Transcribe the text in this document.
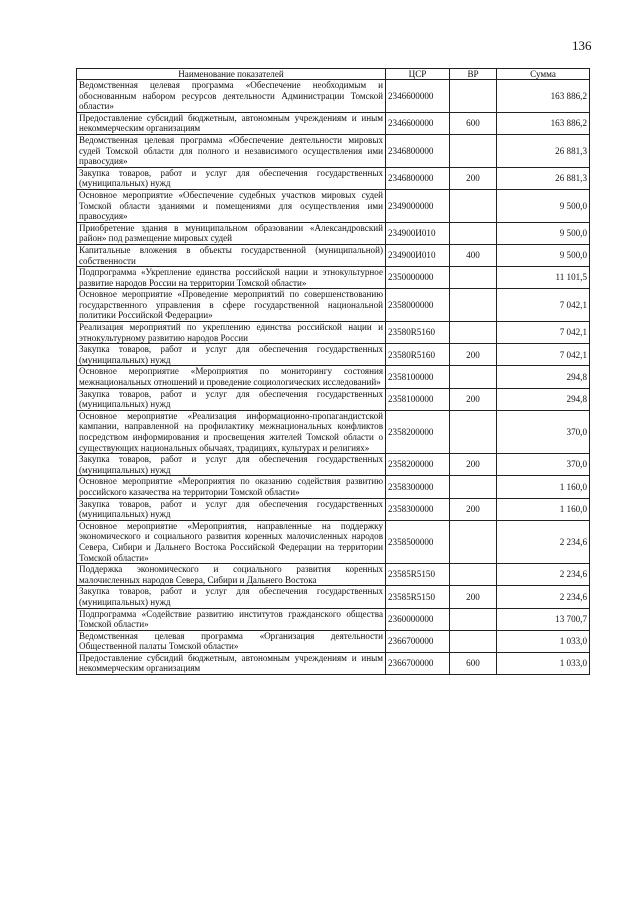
136
Наименование показателей	ЦСР	ВР	Сумма
Ведомственная целевая программа «Обеспечение необходимым и обоснованным набором ресурсов деятельности Администрации Томской области»	2346600000		163 886,2
Предоставление субсидий бюджетным, автономным учреждениям и иным некоммерческим организациям	2346600000	600	163 886,2
Ведомственная целевая программа «Обеспечение деятельности мировых судей Томской области для полного и независимого осуществления ими правосудия»	2346800000		26 881,3
Закупка товаров, работ и услуг для обеспечения государственных (муниципальных) нужд	2346800000	200	26 881,3
Основное мероприятие «Обеспечение судебных участков мировых судей Томской области зданиями и помещениями для осуществления ими правосудия»	2349000000		9 500,0
Приобретение здания в муниципальном образовании «Александровский район» под размещение мировых судей	234900И010		9 500,0
Капитальные вложения в объекты государственной (муниципальной) собственности	234900И010	400	9 500,0
Подпрограмма «Укрепление единства российской нации и этнокультурное развитие народов России на территории Томской области»	2350000000		11 101,5
Основное мероприятие «Проведение мероприятий по совершенствованию государственного управления в сфере государственной национальной политики Российской Федерации»	2358000000		7 042,1
Реализация мероприятий по укреплению единства российской нации и этнокультурному развитию народов России	23580R5160		7 042,1
Закупка товаров, работ и услуг для обеспечения государственных (муниципальных) нужд	23580R5160	200	7 042,1
Основное мероприятие «Мероприятия по мониторингу состояния межнациональных отношений и проведение социологических исследований»	2358100000		294,8
Закупка товаров, работ и услуг для обеспечения государственных (муниципальных) нужд	2358100000	200	294,8
Основное мероприятие «Реализация информационно-пропагандистской кампании, направленной на профилактику межнациональных конфликтов посредством информирования и просвещения жителей Томской области о существующих национальных обычаях, традициях, культурах и религиях»	2358200000		370,0
Закупка товаров, работ и услуг для обеспечения государственных (муниципальных) нужд	2358200000	200	370,0
Основное мероприятие «Мероприятия по оказанию содействия развитию российского казачества на территории Томской области»	2358300000		1 160,0
Закупка товаров, работ и услуг для обеспечения государственных (муниципальных) нужд	2358300000	200	1 160,0
Основное мероприятие «Мероприятия, направленные на поддержку экономического и социального развития коренных малочисленных народов Севера, Сибири и Дальнего Востока Российской Федерации на территории Томской области»	2358500000		2 234,6
Поддержка экономического и социального развития коренных малочисленных народов Севера, Сибири и Дальнего Востока	23585R5150		2 234,6
Закупка товаров, работ и услуг для обеспечения государственных (муниципальных) нужд	23585R5150	200	2 234,6
Подпрограмма «Содействие развитию институтов гражданского общества Томской области»	2360000000		13 700,7
Ведомственная целевая программа «Организация деятельности Общественной палаты Томской области»	2366700000		1 033,0
Предоставление субсидий бюджетным, автономным учреждениям и иным некоммерческим организациям	2366700000	600	1 033,0
